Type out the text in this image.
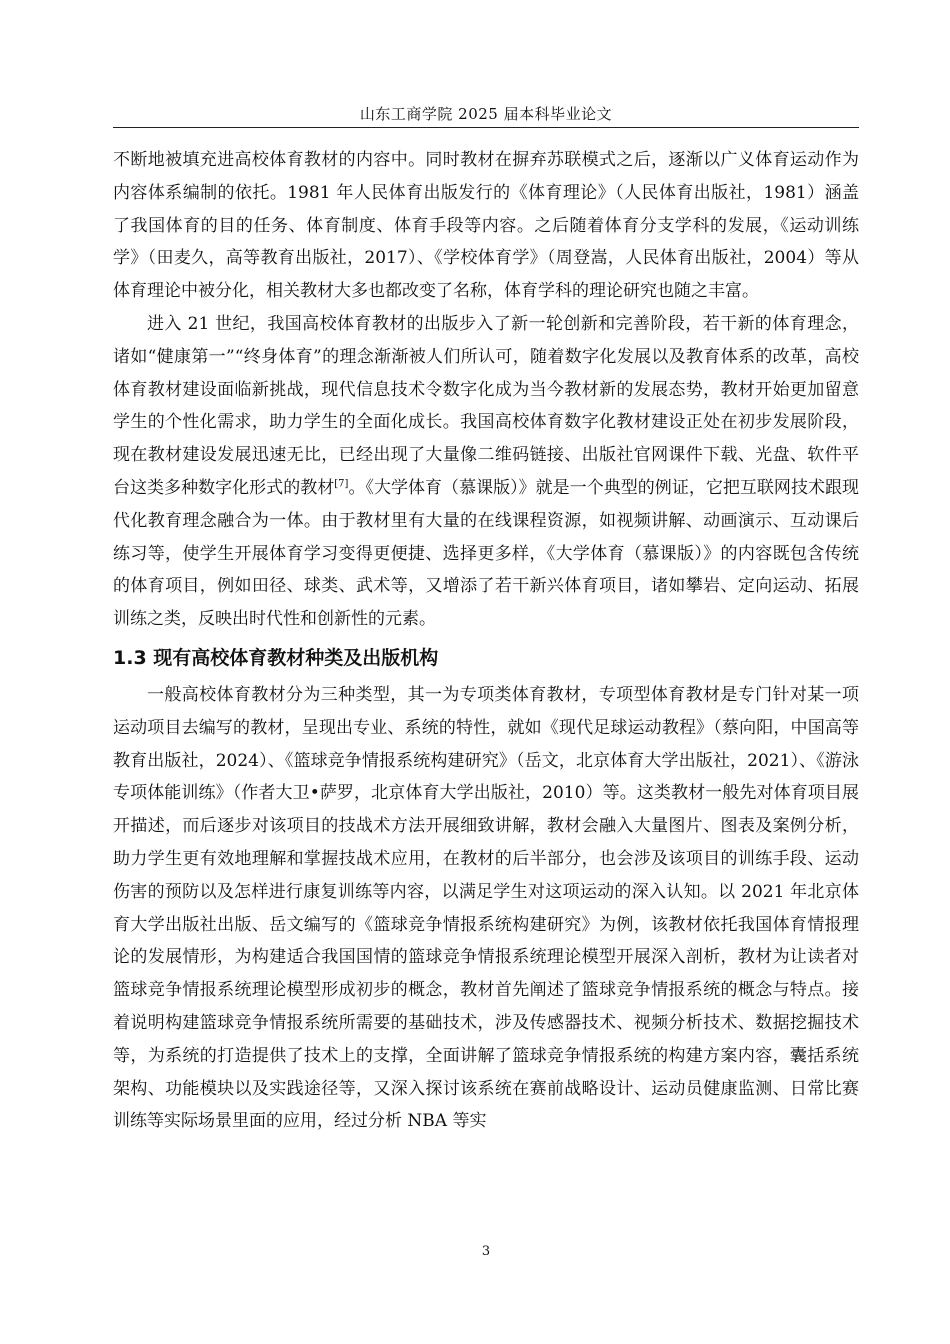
山东工商学院 2025 届本科毕业论文

不断地被填充进高校体育教材的内容中。同时教材在摒弃苏联模式之后，逐渐以广义体育运动作为内容体系编制的依托。1981 年人民体育出版发行的《体育理论》（人民体育出版社，1981）涵盖了我国体育的目的任务、体育制度、体育手段等内容。之后随着体育分支学科的发展，《运动训练学》（田麦久，高等教育出版社，2017）、《学校体育学》（周登嵩，人民体育出版社，2004）等从体育理论中被分化，相关教材大多也都改变了名称，体育学科的理论研究也随之丰富。

进入 21 世纪，我国高校体育教材的出版步入了新一轮创新和完善阶段，若干新的体育理念，诸如“健康第一”“终身体育”的理念渐渐被人们所认可，随着数字化发展以及教育体系的改革，高校体育教材建设面临新挑战，现代信息技术令数字化成为当今教材新的发展态势，教材开始更加留意学生的个性化需求，助力学生的全面化成长。我国高校体育数字化教材建设正处在初步发展阶段，现在教材建设发展迅速无比，已经出现了大量像二维码链接、出版社官网课件下载、光盘、软件平台这类多种数字化形式的教材[7]。《大学体育（慕课版）》就是一个典型的例证，它把互联网技术跟现代化教育理念融合为一体。由于教材里有大量的在线课程资源，如视频讲解、动画演示、互动课后练习等，使学生开展体育学习变得更便捷、选择更多样，《大学体育（慕课版）》的内容既包含传统的体育项目，例如田径、球类、武术等，又增添了若干新兴体育项目，诸如攀岩、定向运动、拓展训练之类，反映出时代性和创新性的元素。

1.3 现有高校体育教材种类及出版机构

一般高校体育教材分为三种类型，其一为专项类体育教材，专项型体育教材是专门针对某一项运动项目去编写的教材，呈现出专业、系统的特性，就如《现代足球运动教程》（蔡向阳，中国高等教育出版社，2024）、《篮球竞争情报系统构建研究》（岳文，北京体育大学出版社，2021）、《游泳专项体能训练》（作者大卫•萨罗，北京体育大学出版社，2010）等。这类教材一般先对体育项目展开描述，而后逐步对该项目的技战术方法开展细致讲解，教材会融入大量图片、图表及案例分析，助力学生更有效地理解和掌握技战术应用，在教材的后半部分，也会涉及该项目的训练手段、运动伤害的预防以及怎样进行康复训练等内容，以满足学生对这项运动的深入认知。以 2021 年北京体育大学出版社出版、岳文编写的《篮球竞争情报系统构建研究》为例，该教材依托我国体育情报理论的发展情形，为构建适合我国国情的篮球竞争情报系统理论模型开展深入剖析，教材为让读者对篮球竞争情报系统理论模型形成初步的概念，教材首先阐述了篮球竞争情报系统的概念与特点。接着说明构建篮球竞争情报系统所需要的基础技术，涉及传感器技术、视频分析技术、数据挖掘技术等，为系统的打造提供了技术上的支撑，全面讲解了篮球竞争情报系统的构建方案内容，囊括系统架构、功能模块以及实践途径等，又深入探讨该系统在赛前战略设计、运动员健康监测、日常比赛训练等实际场景里面的应用，经过分析 NBA 等实

3
